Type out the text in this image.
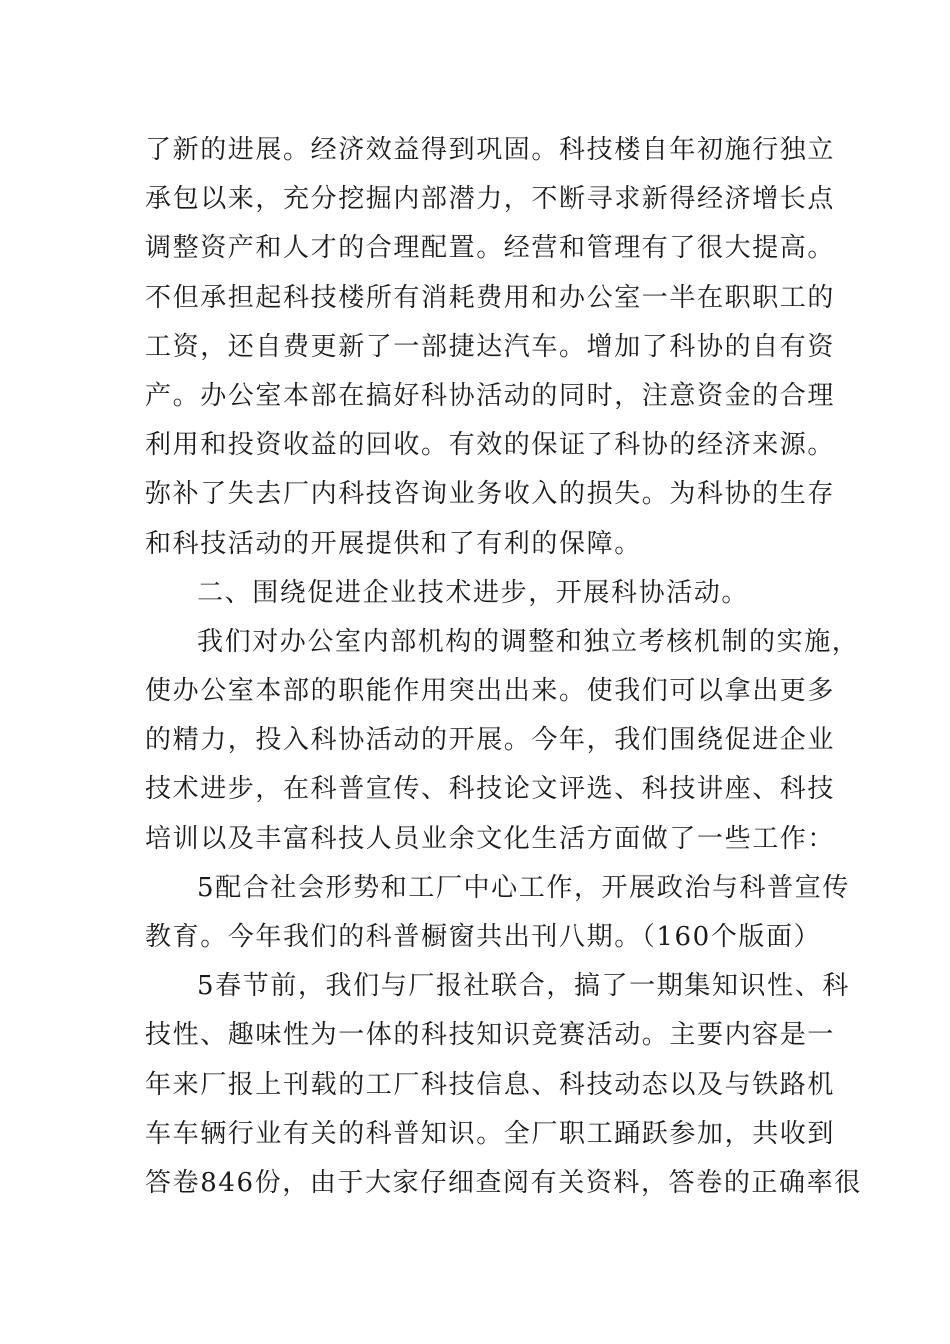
了新的进展。经济效益得到巩固。科技楼自年初施行独立
承包以来，充分挖掘内部潜力，不断寻求新得经济增长点
调整资产和人才的合理配置。经营和管理有了很大提高。
不但承担起科技楼所有消耗费用和办公室一半在职职工的
工资，还自费更新了一部捷达汽车。增加了科协的自有资
产。办公室本部在搞好科协活动的同时，注意资金的合理
利用和投资收益的回收。有效的保证了科协的经济来源。
弥补了失去厂内科技咨询业务收入的损失。为科协的生存
和科技活动的开展提供和了有利的保障。
二、围绕促进企业技术进步，开展科协活动。
我们对办公室内部机构的调整和独立考核机制的实施，
使办公室本部的职能作用突出出来。使我们可以拿出更多
的精力，投入科协活动的开展。今年，我们围绕促进企业
技术进步，在科普宣传、科技论文评选、科技讲座、科技
培训以及丰富科技人员业余文化生活方面做了一些工作：
5配合社会形势和工厂中心工作，开展政治与科普宣传
教育。今年我们的科普橱窗共出刊八期。（160个版面）
5春节前，我们与厂报社联合，搞了一期集知识性、科
技性、趣味性为一体的科技知识竞赛活动。主要内容是一
年来厂报上刊载的工厂科技信息、科技动态以及与铁路机
车车辆行业有关的科普知识。全厂职工踊跃参加，共收到
答卷846份，由于大家仔细查阅有关资料，答卷的正确率很
